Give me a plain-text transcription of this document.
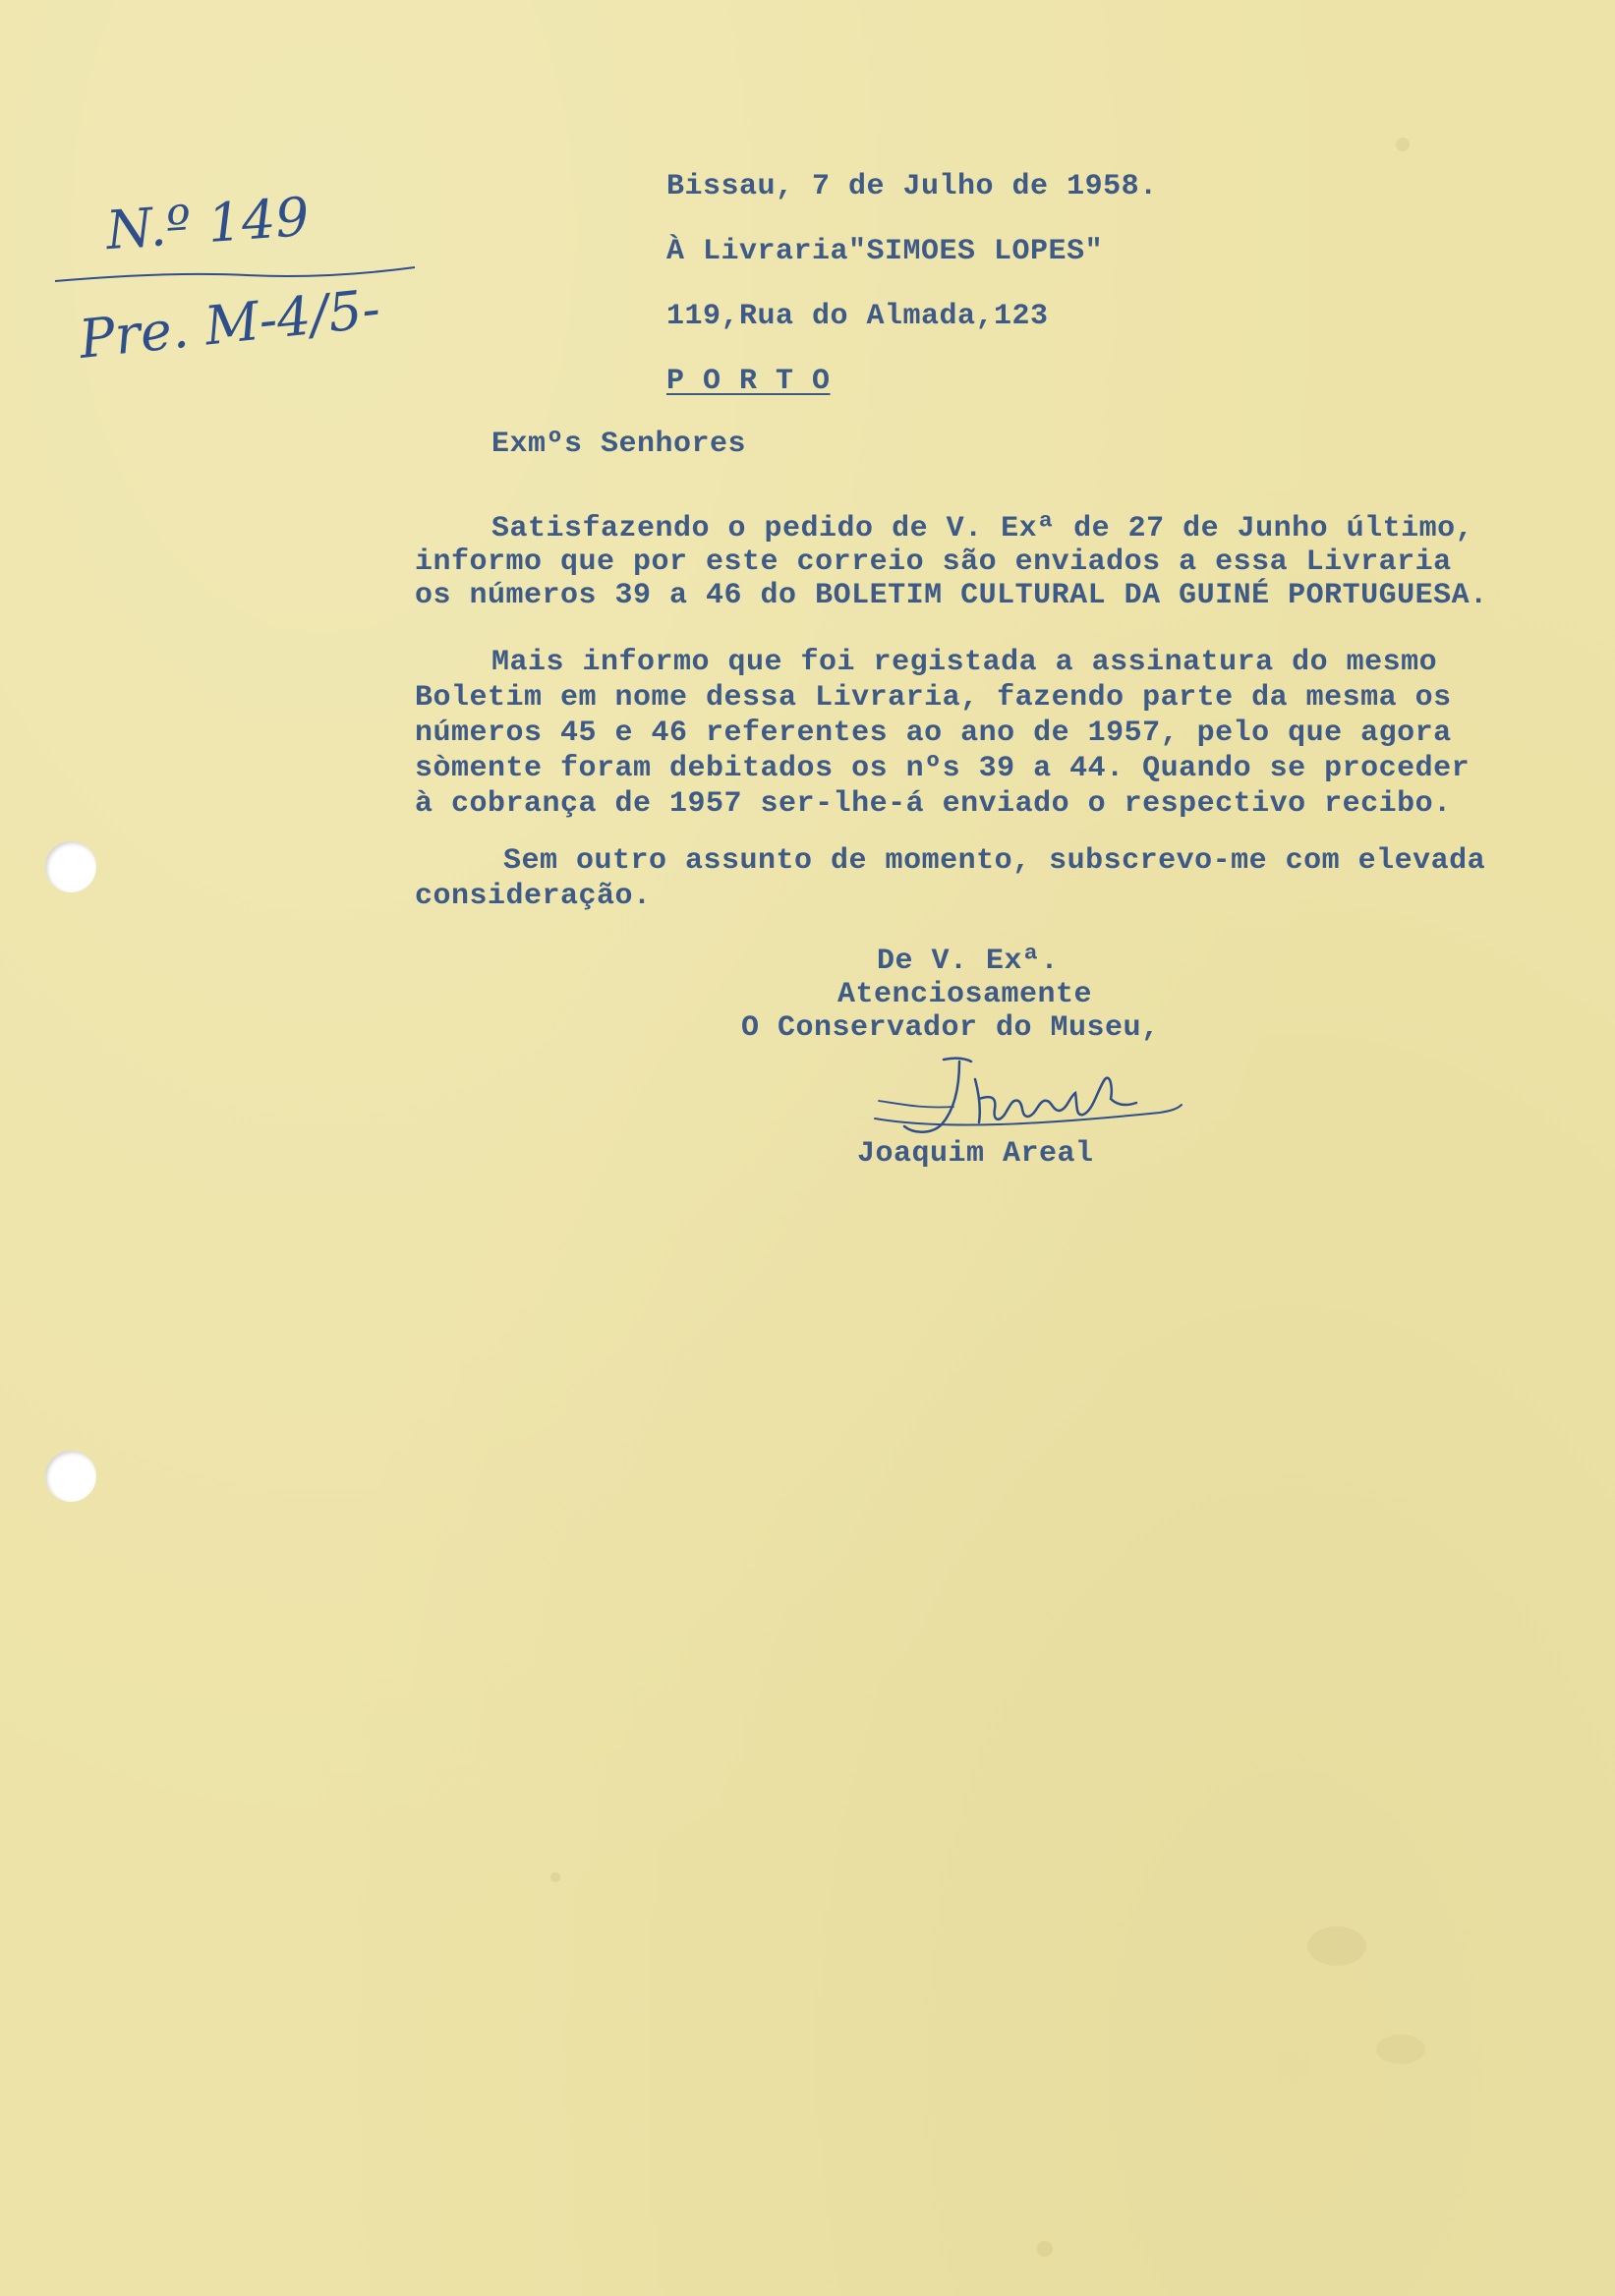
N.º 149
Pre. M-4/5-
Bissau, 7 de Julho de 1958.
À Livraria"SIMOES LOPES"
119,Rua do Almada,123
P O R T O
Exmºs Senhores
Satisfazendo o pedido de V. Exª de 27 de Junho último,
informo que por este correio são enviados a essa Livraria
os números 39 a 46 do BOLETIM CULTURAL DA GUINÉ PORTUGUESA.
Mais informo que foi registada a assinatura do mesmo
Boletim em nome dessa Livraria, fazendo parte da mesma os
números 45 e 46 referentes ao ano de 1957, pelo que agora
sòmente foram debitados os nºs 39 a 44. Quando se proceder
à cobrança de 1957 ser-lhe-á enviado o respectivo recibo.
Sem outro assunto de momento, subscrevo-me com elevada
consideração.
De V. Exª.
Atenciosamente
O Conservador do Museu,
Joaquim Areal
